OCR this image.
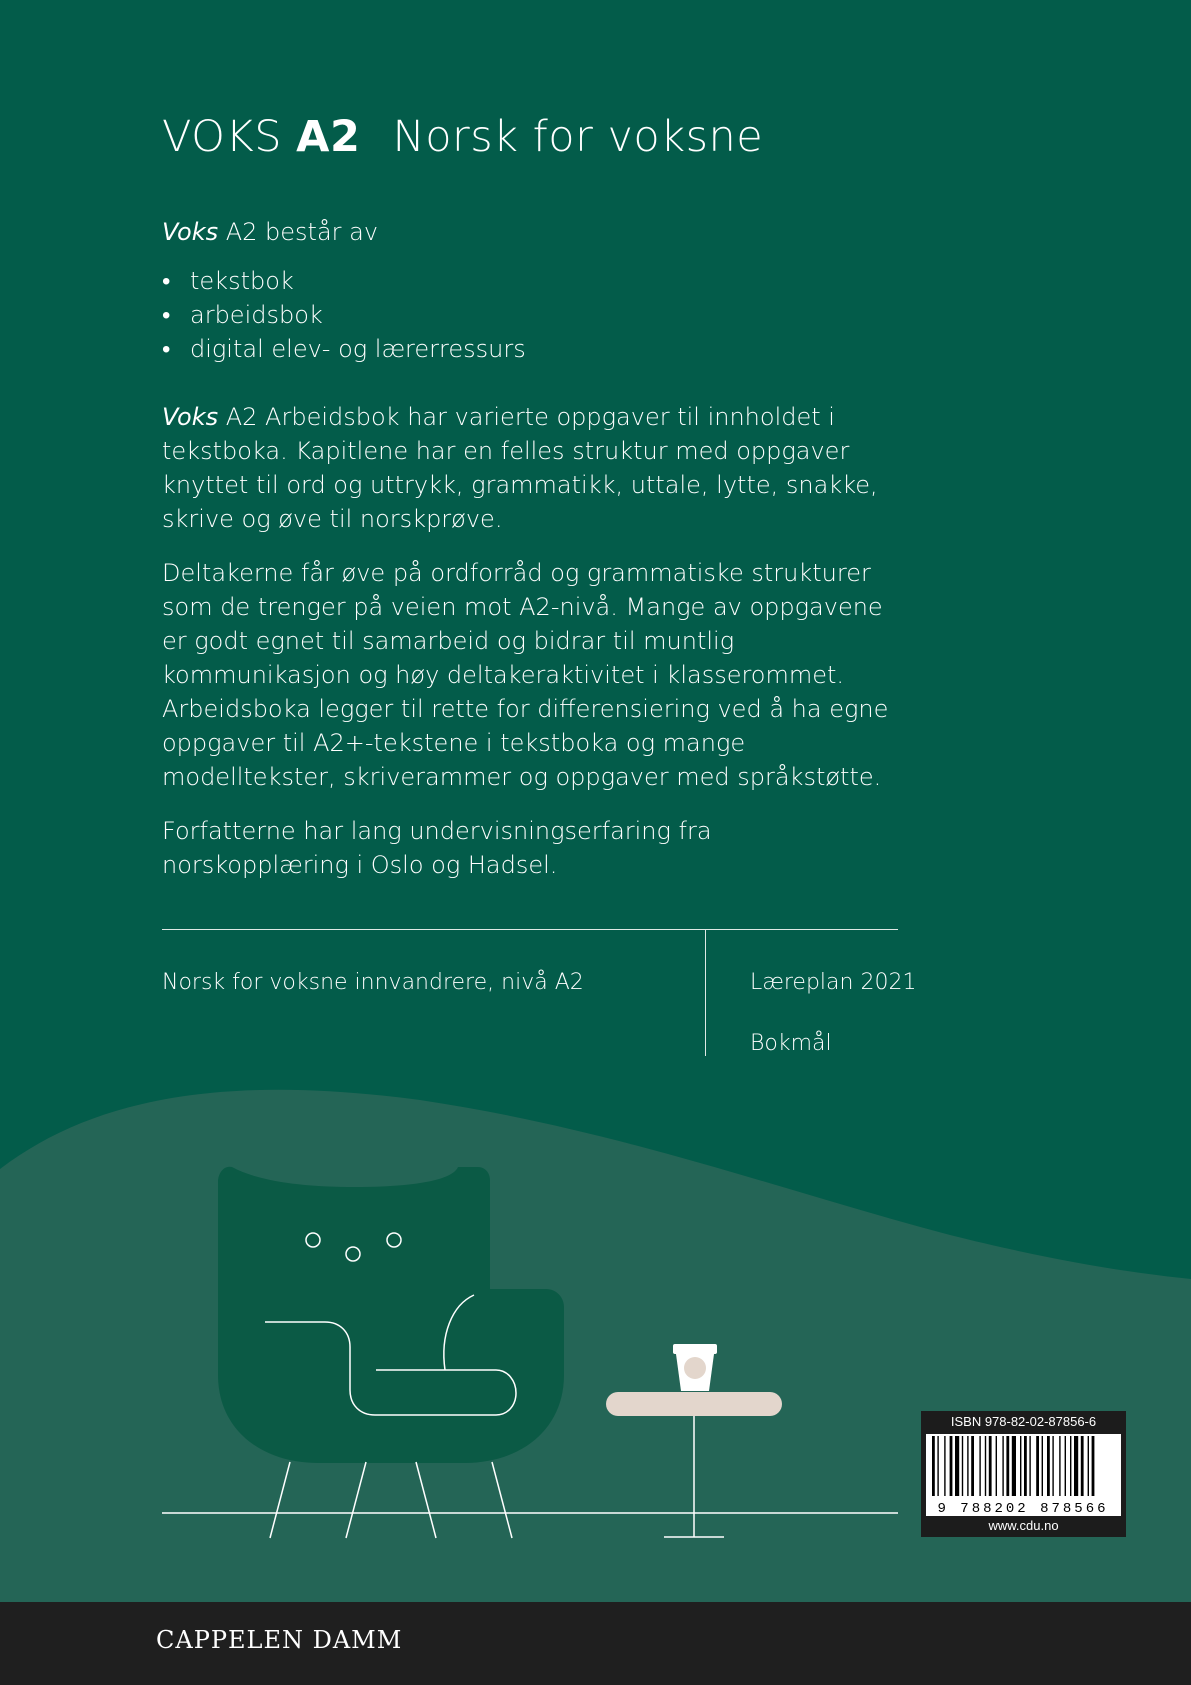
VOKS A2 Norsk for voksne
Voks A2 består av
• tekstbok
• arbeidsbok
• digital elev- og lærerressurs

Voks A2 Arbeidsbok har varierte oppgaver til innholdet i tekstboka. Kapitlene har en felles struktur med oppgaver knyttet til ord og uttrykk, grammatikk, uttale, lytte, snakke, skrive og øve til norskprøve.

Deltakerne får øve på ordforråd og grammatiske strukturer som de trenger på veien mot A2-nivå. Mange av oppgavene er godt egnet til samarbeid og bidrar til muntlig kommunikasjon og høy deltakeraktivitet i klasserommet. Arbeidsboka legger til rette for differensiering ved å ha egne oppgaver til A2+-tekstene i tekstboka og mange modelltekster, skriverammer og oppgaver med språkstøtte.

Forfatterne har lang undervisningserfaring fra norskopplæring i Oslo og Hadsel.

Norsk for voksne innvandrere, nivå A2	Læreplan 2021
Bokmål
ISBN 978-82-02-87856-6
9 788202 878566
www.cdu.no
CAPPELEN DAMM
